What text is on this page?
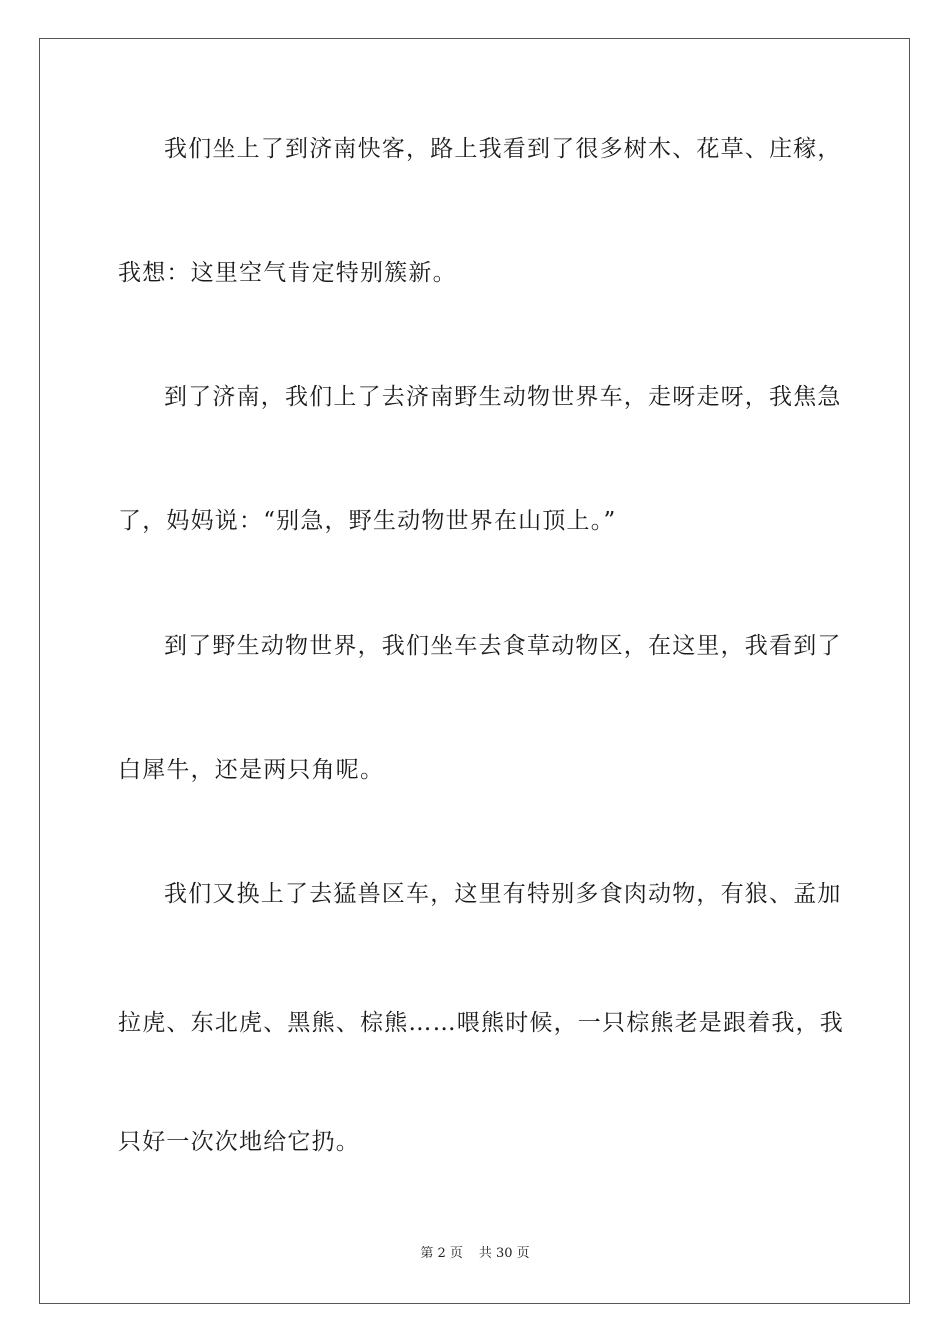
我们坐上了到济南快客，路上我看到了很多树木、花草、庄稼，

我想：这里空气肯定特别簇新。

到了济南，我们上了去济南野生动物世界车，走呀走呀，我焦急

了，妈妈说：“别急，野生动物世界在山顶上。”

到了野生动物世界，我们坐车去食草动物区，在这里，我看到了

白犀牛，还是两只角呢。

我们又换上了去猛兽区车，这里有特别多食肉动物，有狼、孟加

拉虎、东北虎、黑熊、棕熊……喂熊时候，一只棕熊老是跟着我，我

只好一次次地给它扔。

第 2 页 共 30 页
